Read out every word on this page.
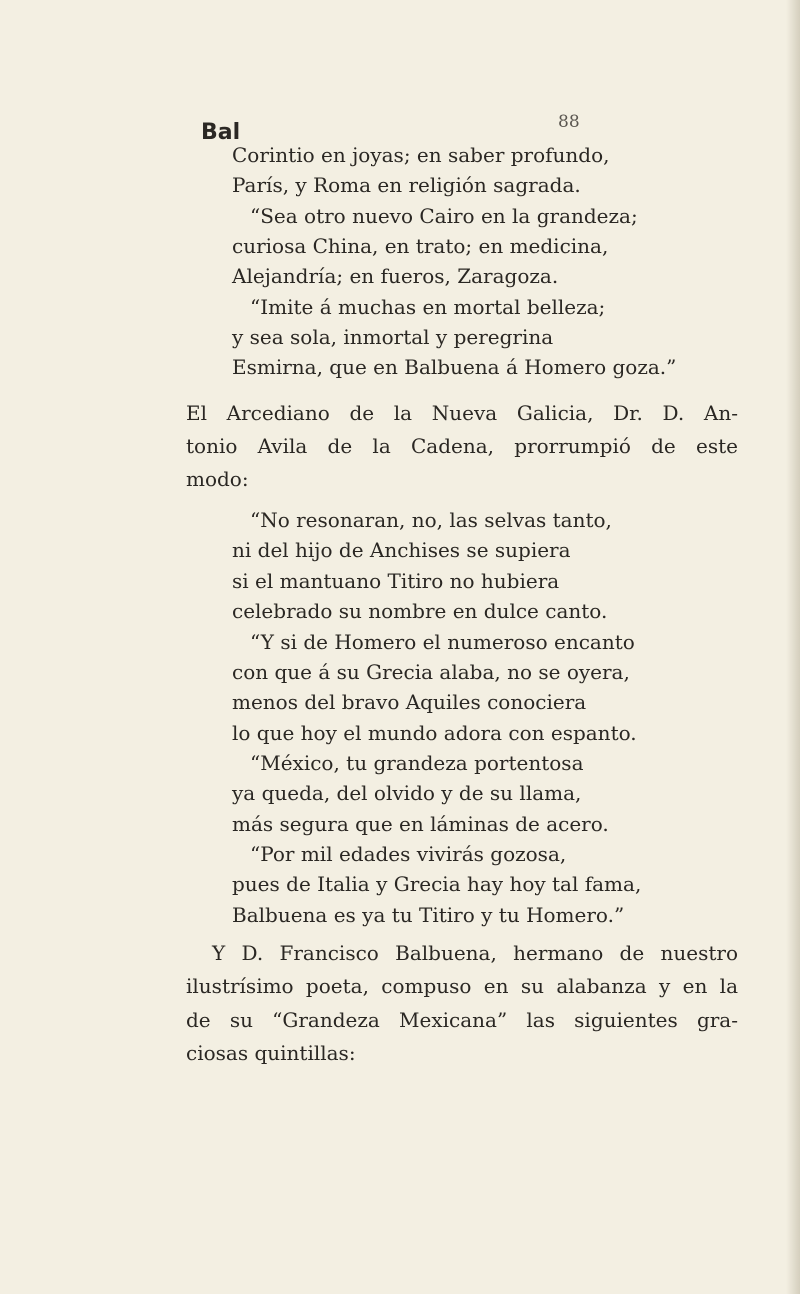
Bal	88
Corintio en joyas; en saber profundo,
París, y Roma en religión sagrada.
“Sea otro nuevo Cairo en la grandeza;
curiosa China, en trato; en medicina,
Alejandría; en fueros, Zaragoza.
“Imite á muchas en mortal belleza;
y sea sola, inmortal y peregrina
Esmirna, que en Balbuena á Homero goza.”
El Arcediano de la Nueva Galicia, Dr. D. An-
tonio Avila de la Cadena, prorrumpió de este
modo:
“No resonaran, no, las selvas tanto,
ni del hijo de Anchises se supiera
si el mantuano Titiro no hubiera
celebrado su nombre en dulce canto.
“Y si de Homero el numeroso encanto
con que á su Grecia alaba, no se oyera,
menos del bravo Aquiles conociera
lo que hoy el mundo adora con espanto.
“México, tu grandeza portentosa
ya queda, del olvido y de su llama,
más segura que en láminas de acero.
“Por mil edades vivirás gozosa,
pues de Italia y Grecia hay hoy tal fama,
Balbuena es ya tu Titiro y tu Homero.”
Y D. Francisco Balbuena, hermano de nuestro
ilustrísimo poeta, compuso en su alabanza y en la
de su “Grandeza Mexicana” las siguientes gra-
ciosas quintillas:
